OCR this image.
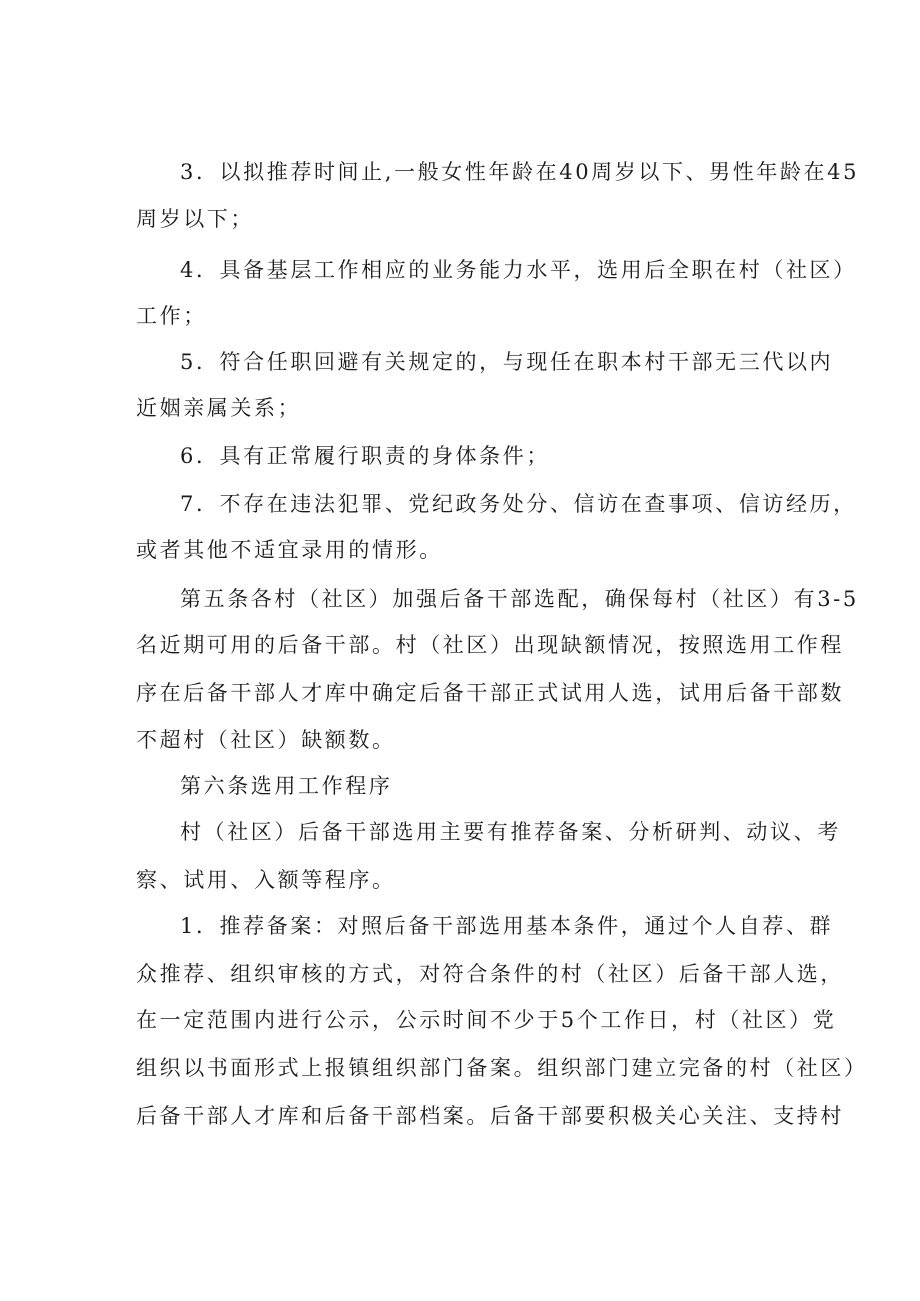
3．以拟推荐时间止,一般女性年龄在40周岁以下、男性年龄在45
周岁以下；
4．具备基层工作相应的业务能力水平，选用后全职在村（社区）
工作；
5．符合任职回避有关规定的，与现任在职本村干部无三代以内
近姻亲属关系；
6．具有正常履行职责的身体条件；
7．不存在违法犯罪、党纪政务处分、信访在查事项、信访经历，
或者其他不适宜录用的情形。
第五条各村（社区）加强后备干部选配，确保每村（社区）有3-5
名近期可用的后备干部。村（社区）出现缺额情况，按照选用工作程
序在后备干部人才库中确定后备干部正式试用人选，试用后备干部数
不超村（社区）缺额数。
第六条选用工作程序
村（社区）后备干部选用主要有推荐备案、分析研判、动议、考
察、试用、入额等程序。
1．推荐备案：对照后备干部选用基本条件，通过个人自荐、群
众推荐、组织审核的方式，对符合条件的村（社区）后备干部人选，
在一定范围内进行公示，公示时间不少于5个工作日，村（社区）党
组织以书面形式上报镇组织部门备案。组织部门建立完备的村（社区）
后备干部人才库和后备干部档案。后备干部要积极关心关注、支持村
